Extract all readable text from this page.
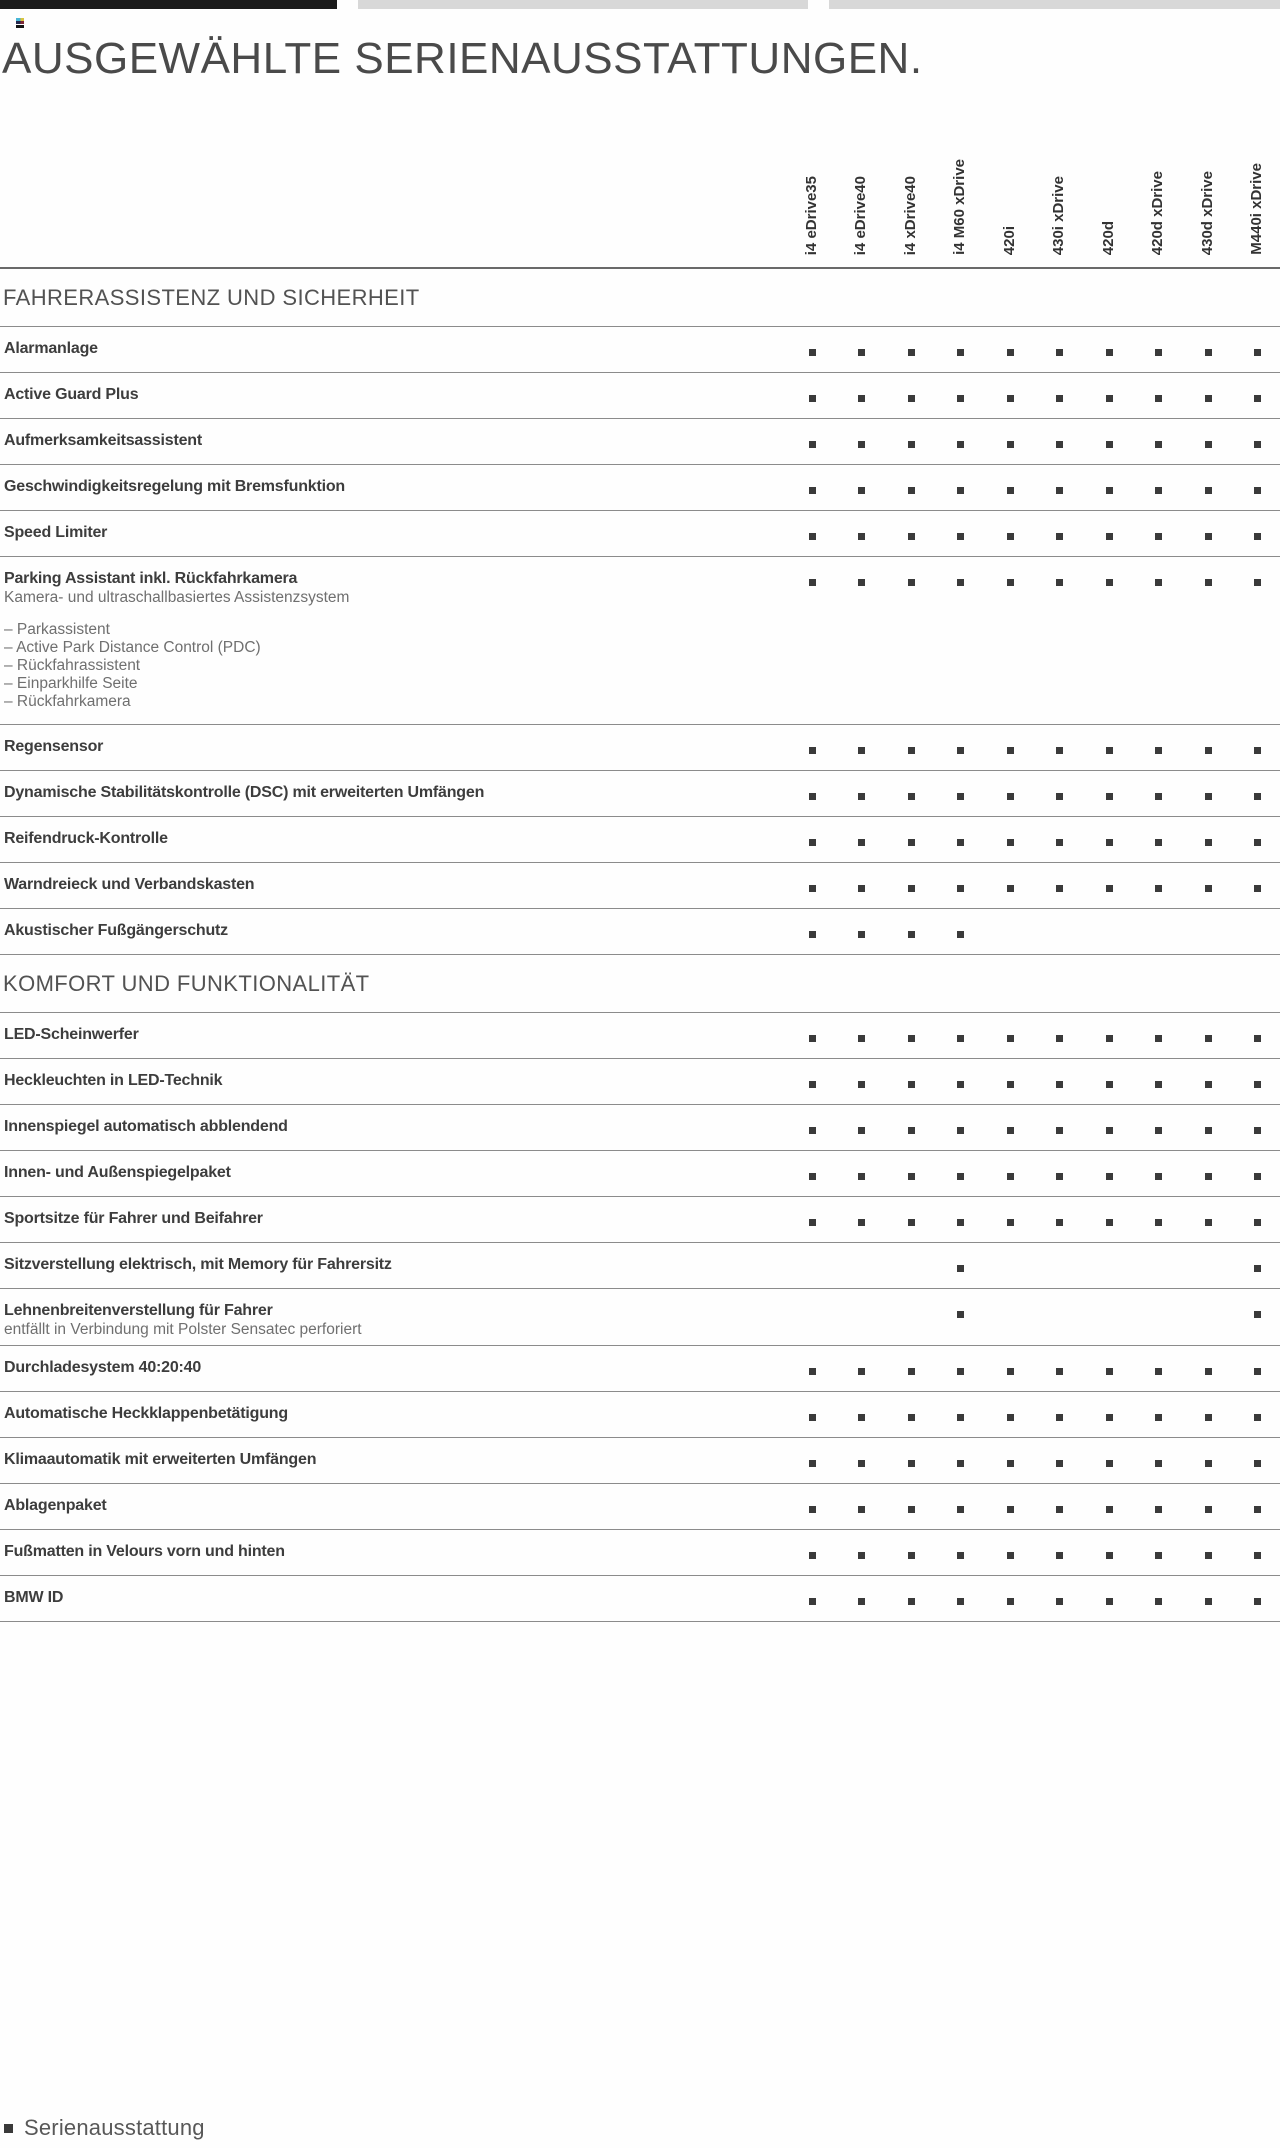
AUSGEWÄHLTE SERIENAUSSTATTUNGEN.
i4 eDrive35 i4 eDrive40 i4 xDrive40 i4 M60 xDrive 420i 430i xDrive 420d 420d xDrive 430d xDrive M440i xDrive
FAHRERASSISTENZ UND SICHERHEIT
Alarmanlage
Active Guard Plus
Aufmerksamkeitsassistent
Geschwindigkeitsregelung mit Bremsfunktion
Speed Limiter
Parking Assistant inkl. Rückfahrkamera
Kamera- und ultraschallbasiertes Assistenzsystem
– Parkassistent
– Active Park Distance Control (PDC)
– Rückfahrassistent
– Einparkhilfe Seite
– Rückfahrkamera
Regensensor
Dynamische Stabilitätskontrolle (DSC) mit erweiterten Umfängen
Reifendruck-Kontrolle
Warndreieck und Verbandskasten
Akustischer Fußgängerschutz
KOMFORT UND FUNKTIONALITÄT
LED-Scheinwerfer
Heckleuchten in LED-Technik
Innenspiegel automatisch abblendend
Innen- und Außenspiegelpaket
Sportsitze für Fahrer und Beifahrer
Sitzverstellung elektrisch, mit Memory für Fahrersitz
Lehnenbreitenverstellung für Fahrer
entfällt in Verbindung mit Polster Sensatec perforiert
Durchladesystem 40:20:40
Automatische Heckklappenbetätigung
Klimaautomatik mit erweiterten Umfängen
Ablagenpaket
Fußmatten in Velours vorn und hinten
BMW ID
Serienausstattung
